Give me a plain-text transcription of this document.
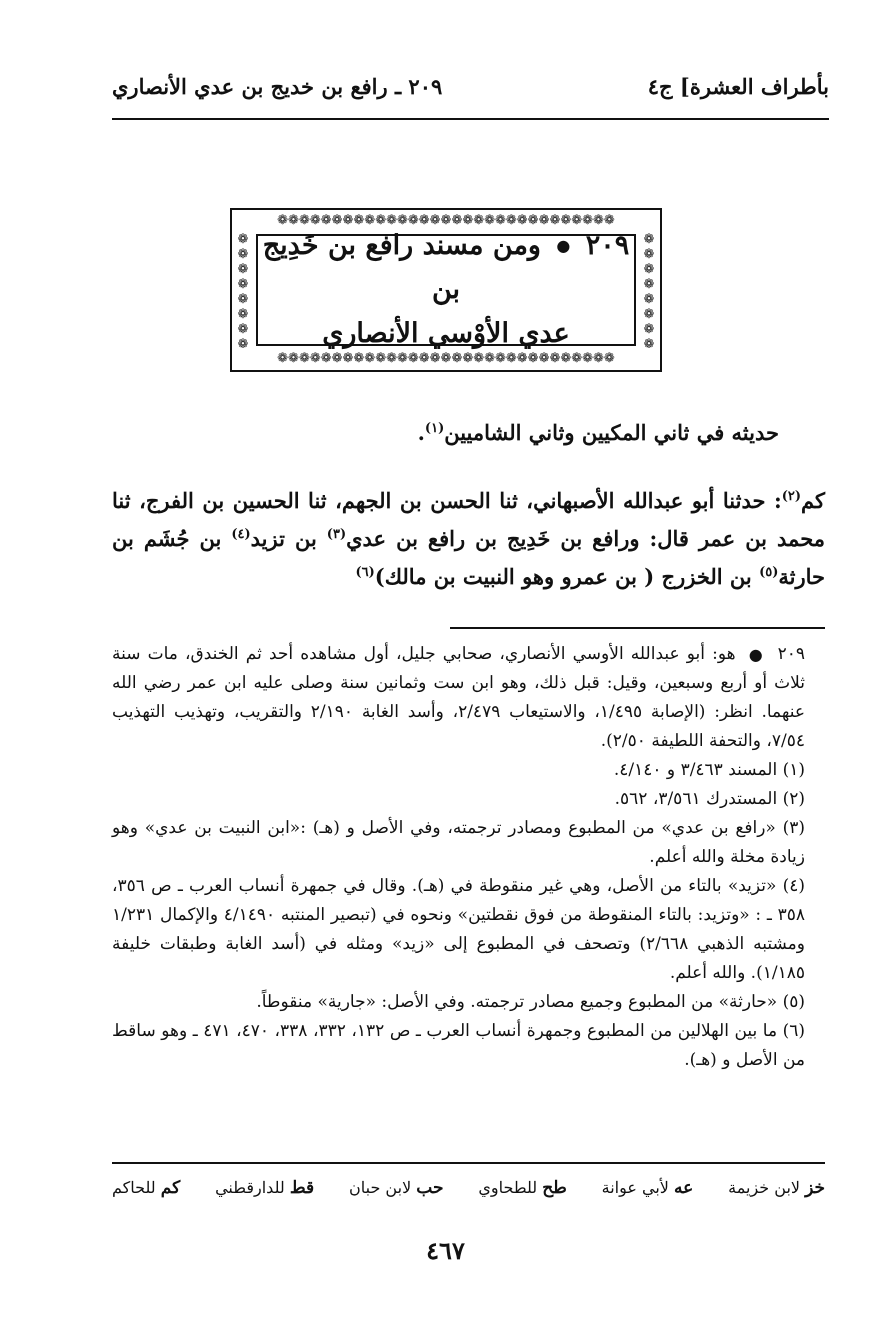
بأطراف العشرة] ج٤
٢٠٩ ـ رافع بن خديج بن عدي الأنصاري
❁❁❁❁❁❁❁❁❁❁❁❁❁❁❁❁❁❁❁❁❁❁❁❁❁❁❁❁❁❁❁
❁❁❁❁❁❁❁❁❁❁❁❁❁❁❁❁❁❁❁❁❁❁❁❁❁❁❁❁❁❁❁
❁❁❁❁❁❁❁❁
❁❁❁❁❁❁❁❁
٢٠٩ ● ومن مسند رافع بن خَدِيج بن
عدي الأوْسي الأنصاري
حديثه في ثاني المكيين وثاني الشاميين$^{(١)}$.
كم$^{(٢)}$: حدثنا أبو عبدالله الأصبهاني، ثنا الحسن بن الجهم، ثنا الحسين بن الفرج، ثنا محمد بن عمر قال: ورافع بن خَدِيج بن رافع بن عدي$^{(٣)}$ بن تزيد$^{(٤)}$ بن جُشَم بن حارثة$^{(٥)}$ بن الخزرج ( بن عمرو وهو النبيت بن مالك)$^{(٦)}$

٢٠٩ ● هو: أبو عبدالله الأوسي الأنصاري، صحابي جليل، أول مشاهده أحد ثم الخندق، مات سنة ثلاث أو أربع وسبعين، وقيل: قبل ذلك، وهو ابن ست وثمانين سنة وصلى عليه ابن عمر رضي الله عنهما. انظر: (الإصابة ١/٤٩٥، والاستيعاب ٢/٤٧٩، وأسد الغابة ٢/١٩٠ والتقريب، وتهذيب التهذيب ٧/٥٤، والتحفة اللطيفة ٢/٥٠).

(١) المسند ٣/٤٦٣ و ٤/١٤٠.

(٢) المستدرك ٣/٥٦١، ٥٦٢.

(٣) «رافع بن عدي» من المطبوع ومصادر ترجمته، وفي الأصل و (هـ) :«ابن النبيت بن عدي» وهو زيادة مخلة والله أعلم.

(٤) «تزيد» بالتاء من الأصل، وهي غير منقوطة في (هـ). وقال في جمهرة أنساب العرب ـ ص ٣٥٦، ٣٥٨ ـ : «وتزيد: بالتاء المنقوطة من فوق نقطتين» ونحوه في (تبصير المنتبه ٤/١٤٩٠ والإكمال ١/٢٣١ ومشتبه الذهبي ٢/٦٦٨) وتصحف في المطبوع إلى «زيد» ومثله في (أسد الغابة وطبقات خليفة ١/١٨٥). والله أعلم.

(٥) «حارثة» من المطبوع وجميع مصادر ترجمته. وفي الأصل: «جارية» منقوطاً.

(٦) ما بين الهلالين من المطبوع وجمهرة أنساب العرب ـ ص ١٣٢، ٣٣٢، ٣٣٨، ٤٧٠، ٤٧١ ـ وهو ساقط من الأصل و (هـ).

خز لابن خزيمة
عه لأبي عوانة
طح للطحاوي
حب لابن حبان
قط للدارقطني
كم للحاكم
٤٦٧
